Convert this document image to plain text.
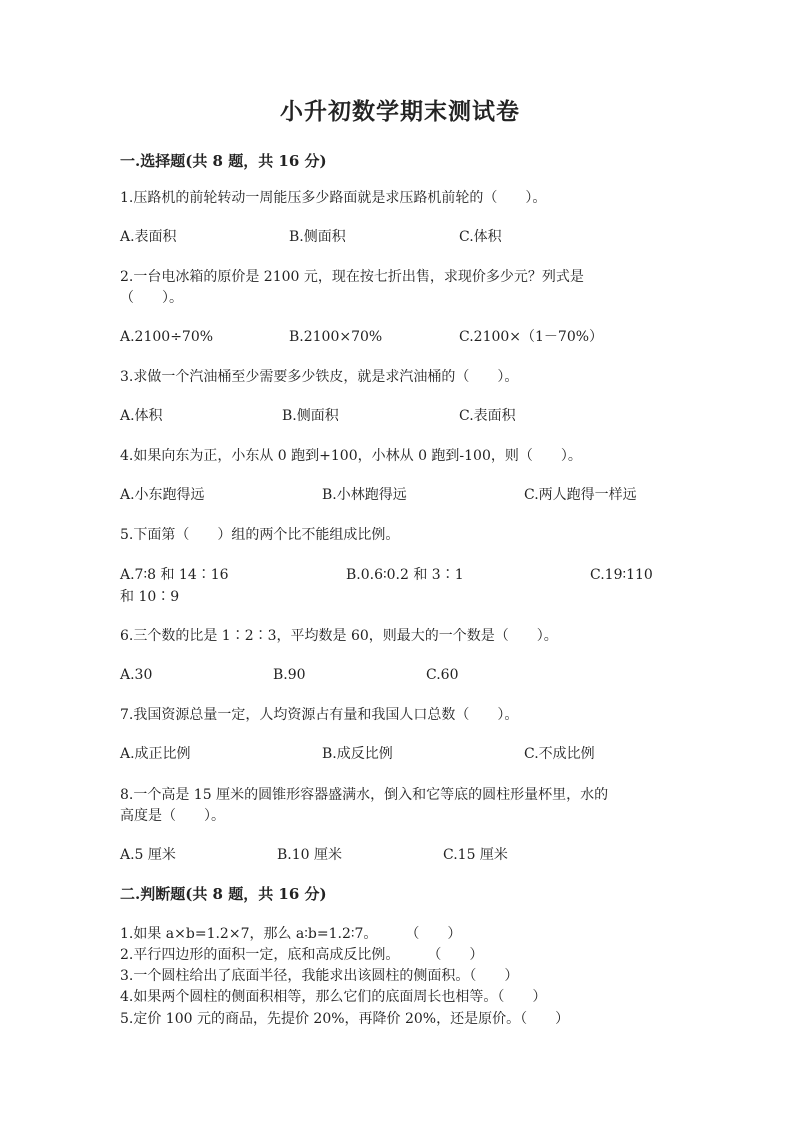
小升初数学期末测试卷
一.选择题(共 8 题，共 16 分)
1.压路机的前轮转动一周能压多少路面就是求压路机前轮的（　　）。
A.表面积	B.侧面积	C.体积
2.一台电冰箱的原价是 2100 元，现在按七折出售，求现价多少元？列式是
（　　）。
A.2100÷70%	B.2100×70%	C.2100×（1－70%）
3.求做一个汽油桶至少需要多少铁皮，就是求汽油桶的（　　）。
A.体积	B.侧面积	C.表面积
4.如果向东为正，小东从 0 跑到+100，小林从 0 跑到-100，则（　　）。
A.小东跑得远	B.小林跑得远	C.两人跑得一样远
5.下面第（　　）组的两个比不能组成比例。
A.7∶8 和 14∶16	B.0.6∶0.2 和 3∶1	C.19∶110
和 10∶9
6.三个数的比是 1∶2∶3，平均数是 60，则最大的一个数是（　　）。
A.30	B.90	C.60
7.我国资源总量一定，人均资源占有量和我国人口总数（　　）。
A.成正比例	B.成反比例	C.不成比例
8.一个高是 15 厘米的圆锥形容器盛满水，倒入和它等底的圆柱形量杯里，水的
高度是（　　）。
A.5 厘米	B.10 厘米	C.15 厘米
二.判断题(共 8 题，共 16 分)
1.如果 a×b=1.2×7，那么 a∶b=1.2∶7。　　　（　　）
2.平行四边形的面积一定，底和高成反比例。　　　（　　）
3.一个圆柱给出了底面半径，我能求出该圆柱的侧面积。（　　）
4.如果两个圆柱的侧面积相等，那么它们的底面周长也相等。（　　）
5.定价 100 元的商品，先提价 20%，再降价 20%，还是原价。（　　）
